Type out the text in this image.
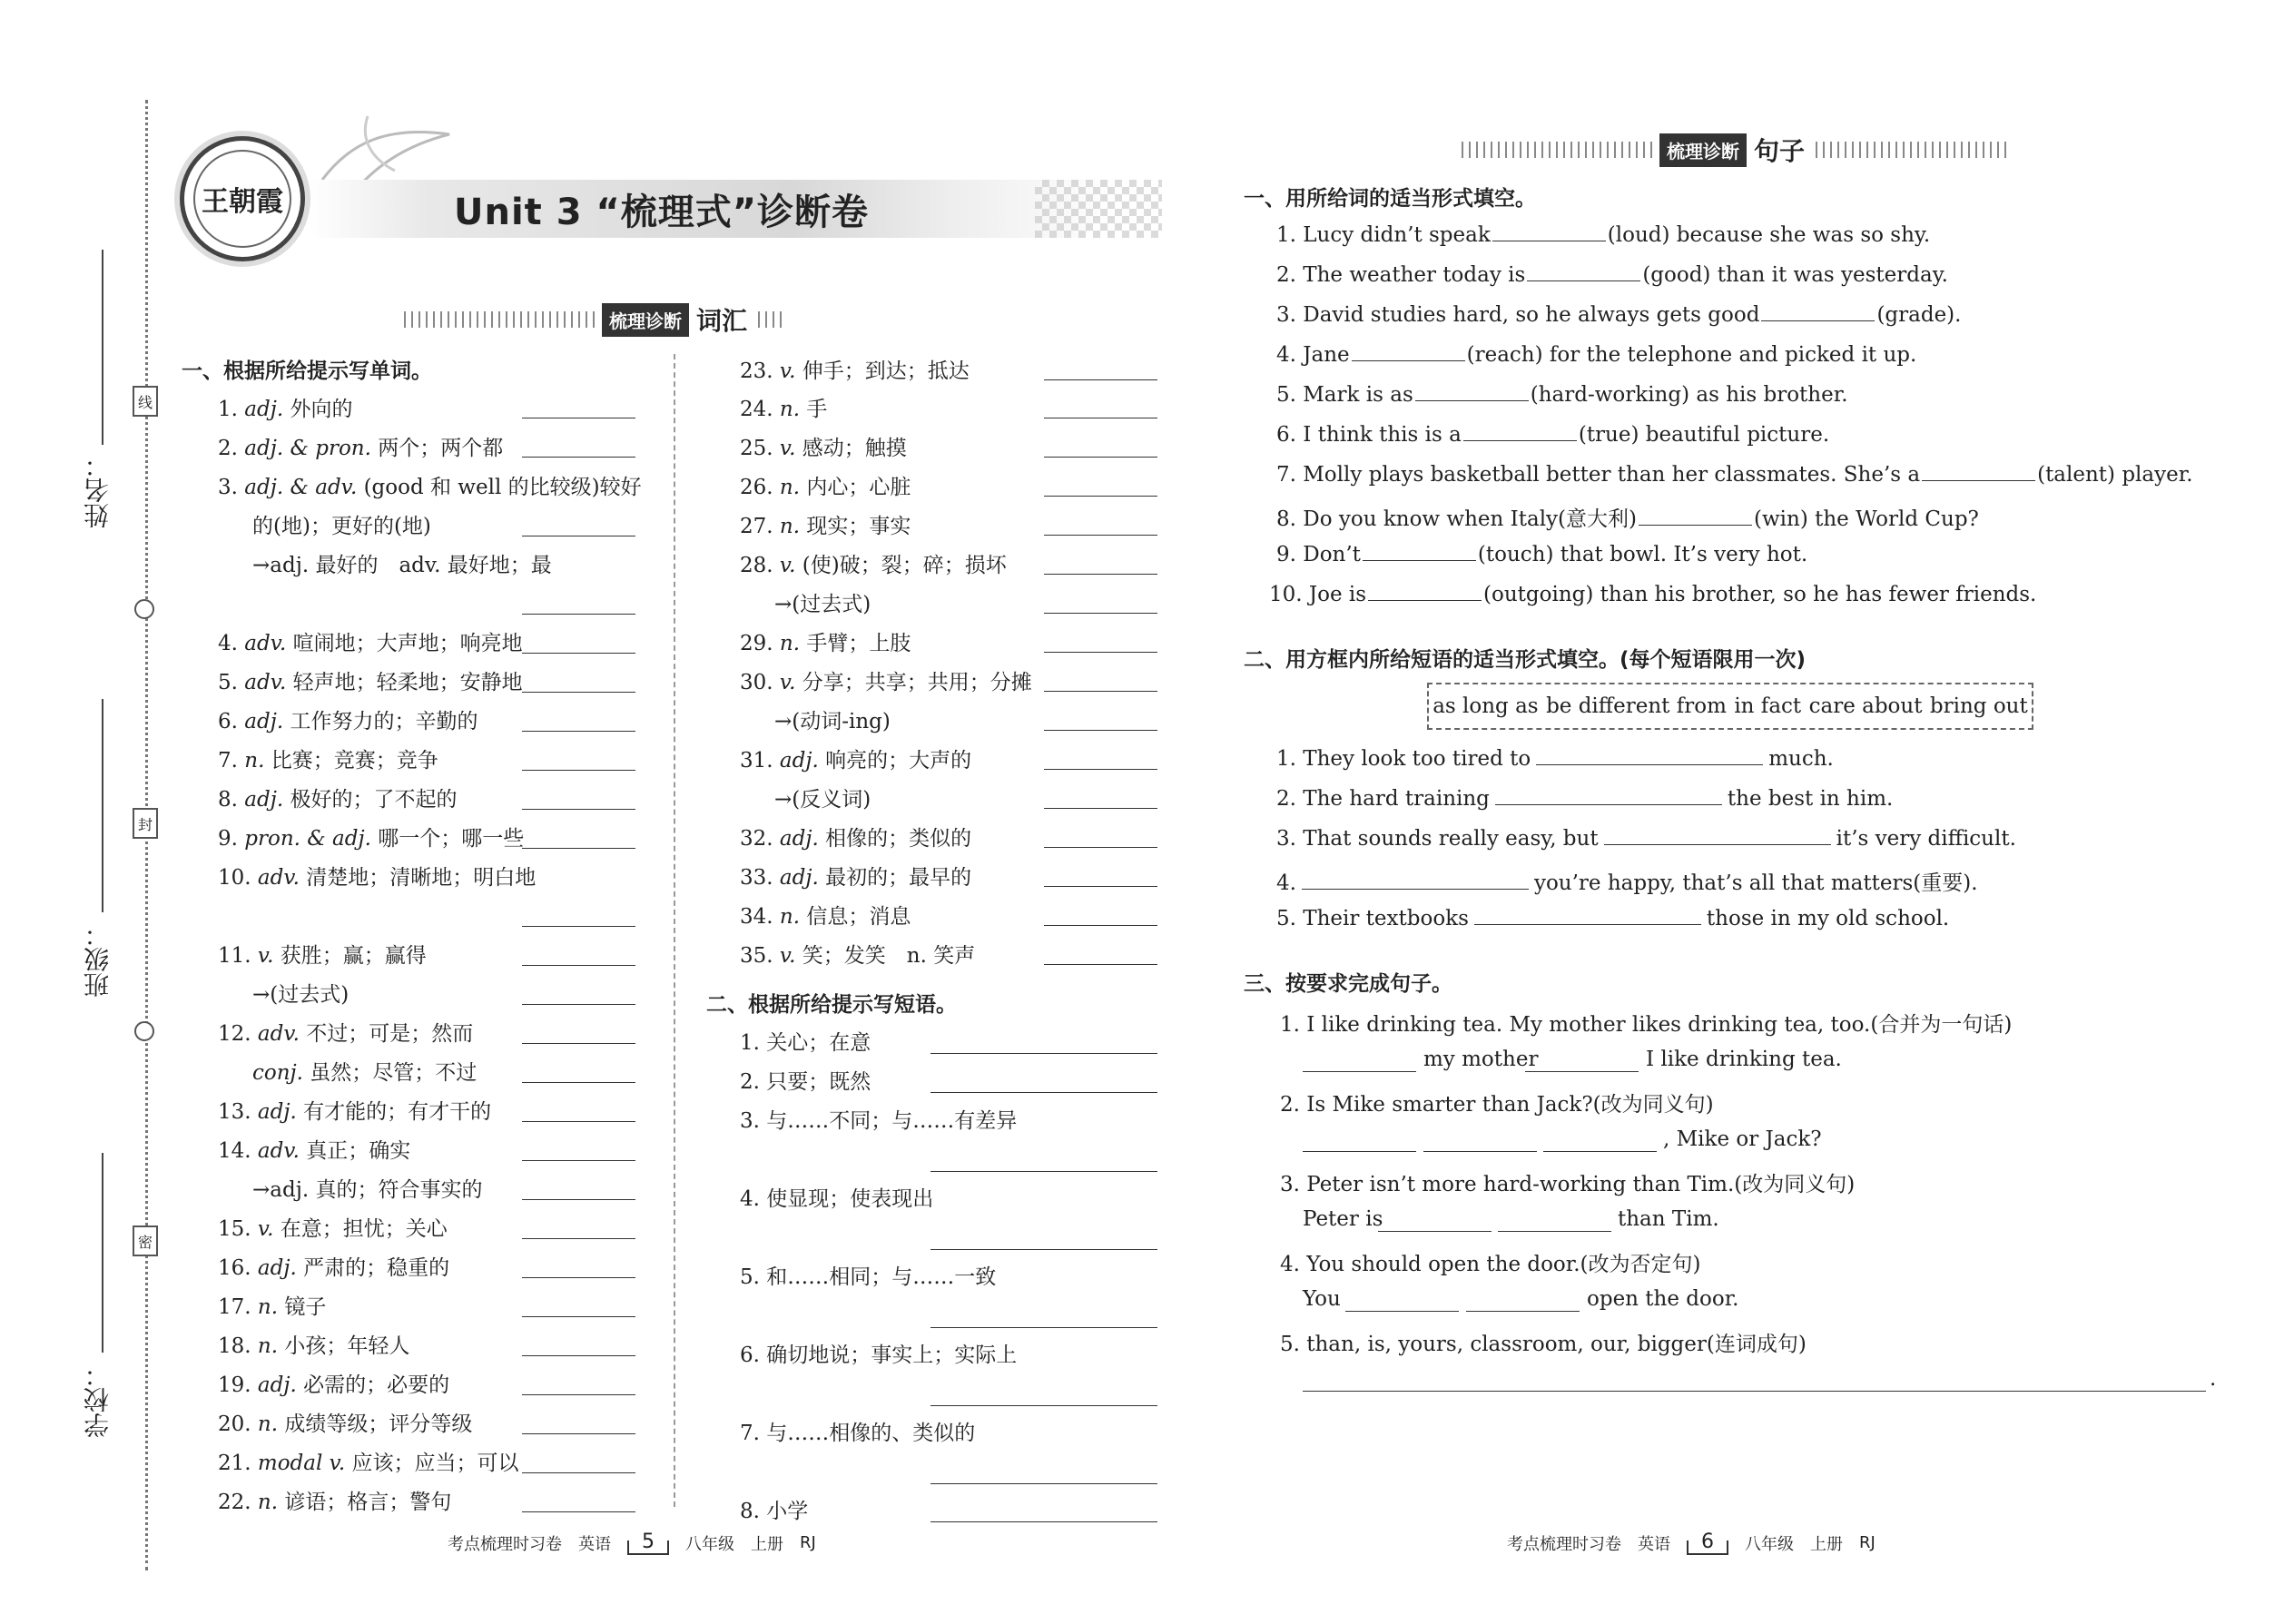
学校：
班级：
姓名：
线
封
密
王朝霞	Unit 3 “梳理式”诊断卷
梳理诊断 词汇
一、根据所给提示写单词。
1. adj. 外向的
2. adj. & pron. 两个；两个都
3. adj. & adv. (good 和 well 的比较级)较好
的(地)；更好的(地)
→adj. 最好的　adv. 最好地；最
4. adv. 喧闹地；大声地；响亮地
5. adv. 轻声地；轻柔地；安静地
6. adj. 工作努力的；辛勤的
7. n. 比赛；竞赛；竞争
8. adj. 极好的；了不起的
9. pron. & adj. 哪一个；哪一些
10. adv. 清楚地；清晰地；明白地
11. v. 获胜；赢；赢得
→(过去式)
12. adv. 不过；可是；然而
conj. 虽然；尽管；不过
13. adj. 有才能的；有才干的
14. adv. 真正；确实
→adj. 真的；符合事实的
15. v. 在意；担忧；关心
16. adj. 严肃的；稳重的
17. n. 镜子
18. n. 小孩；年轻人
19. adj. 必需的；必要的
20. n. 成绩等级；评分等级
21. modal v. 应该；应当；可以
22. n. 谚语；格言；警句
23. v. 伸手；到达；抵达
24. n. 手
25. v. 感动；触摸
26. n. 内心；心脏
27. n. 现实；事实
28. v. (使)破；裂；碎；损坏
→(过去式)
29. n. 手臂；上肢
30. v. 分享；共享；共用；分摊
→(动词-ing)
31. adj. 响亮的；大声的
→(反义词)
32. adj. 相像的；类似的
33. adj. 最初的；最早的
34. n. 信息；消息
35. v. 笑；发笑　n. 笑声
二、根据所给提示写短语。
1. 关心；在意
2. 只要；既然
3. 与……不同；与……有差异
4. 使显现；使表现出
5. 和……相同；与……一致
6. 确切地说；事实上；实际上
7. 与……相像的、类似的
8. 小学
考点梳理时习卷 英语	5	八年级 上册 RJ
梳理诊断 句子
一、用所给词的适当形式填空。
1. Lucy didn’t speak	(loud) because she was so shy.
2. The weather today is	(good) than it was yesterday.
3. David studies hard, so he always gets good	(grade).
4. Jane	(reach) for the telephone and picked it up.
5. Mark is as	(hard-working) as his brother.
6. I think this is a	(true) beautiful picture.
7. Molly plays basketball better than her classmates. She’s a	(talent) player.
8. Do you know when Italy(意大利)	(win) the World Cup?
9. Don’t	(touch) that bowl. It’s very hot.
10. Joe is	(outgoing) than his brother, so he has fewer friends.
二、用方框内所给短语的适当形式填空。(每个短语限用一次)
as long as be different from in fact care about bring out
1. They look too tired to	much.
2. The hard training	the best in him.
3. That sounds really easy, but	it’s very difficult.
4.	you’re happy, that’s all that matters(重要).
5. Their textbooks	those in my old school.
三、按要求完成句子。
1. I like drinking tea. My mother likes drinking tea, too.(合并为一句话)
my mother	I like drinking tea.
2. Is Mike smarter than Jack?(改为同义句)
, Mike or Jack?
3. Peter isn’t more hard-working than Tim.(改为同义句)
Peter is	than Tim.
4. You should open the door.(改为否定句)
You	open the door.
5. than, is, yours, classroom, our, bigger(连词成句)
.
考点梳理时习卷 英语	6	八年级 上册 RJ
